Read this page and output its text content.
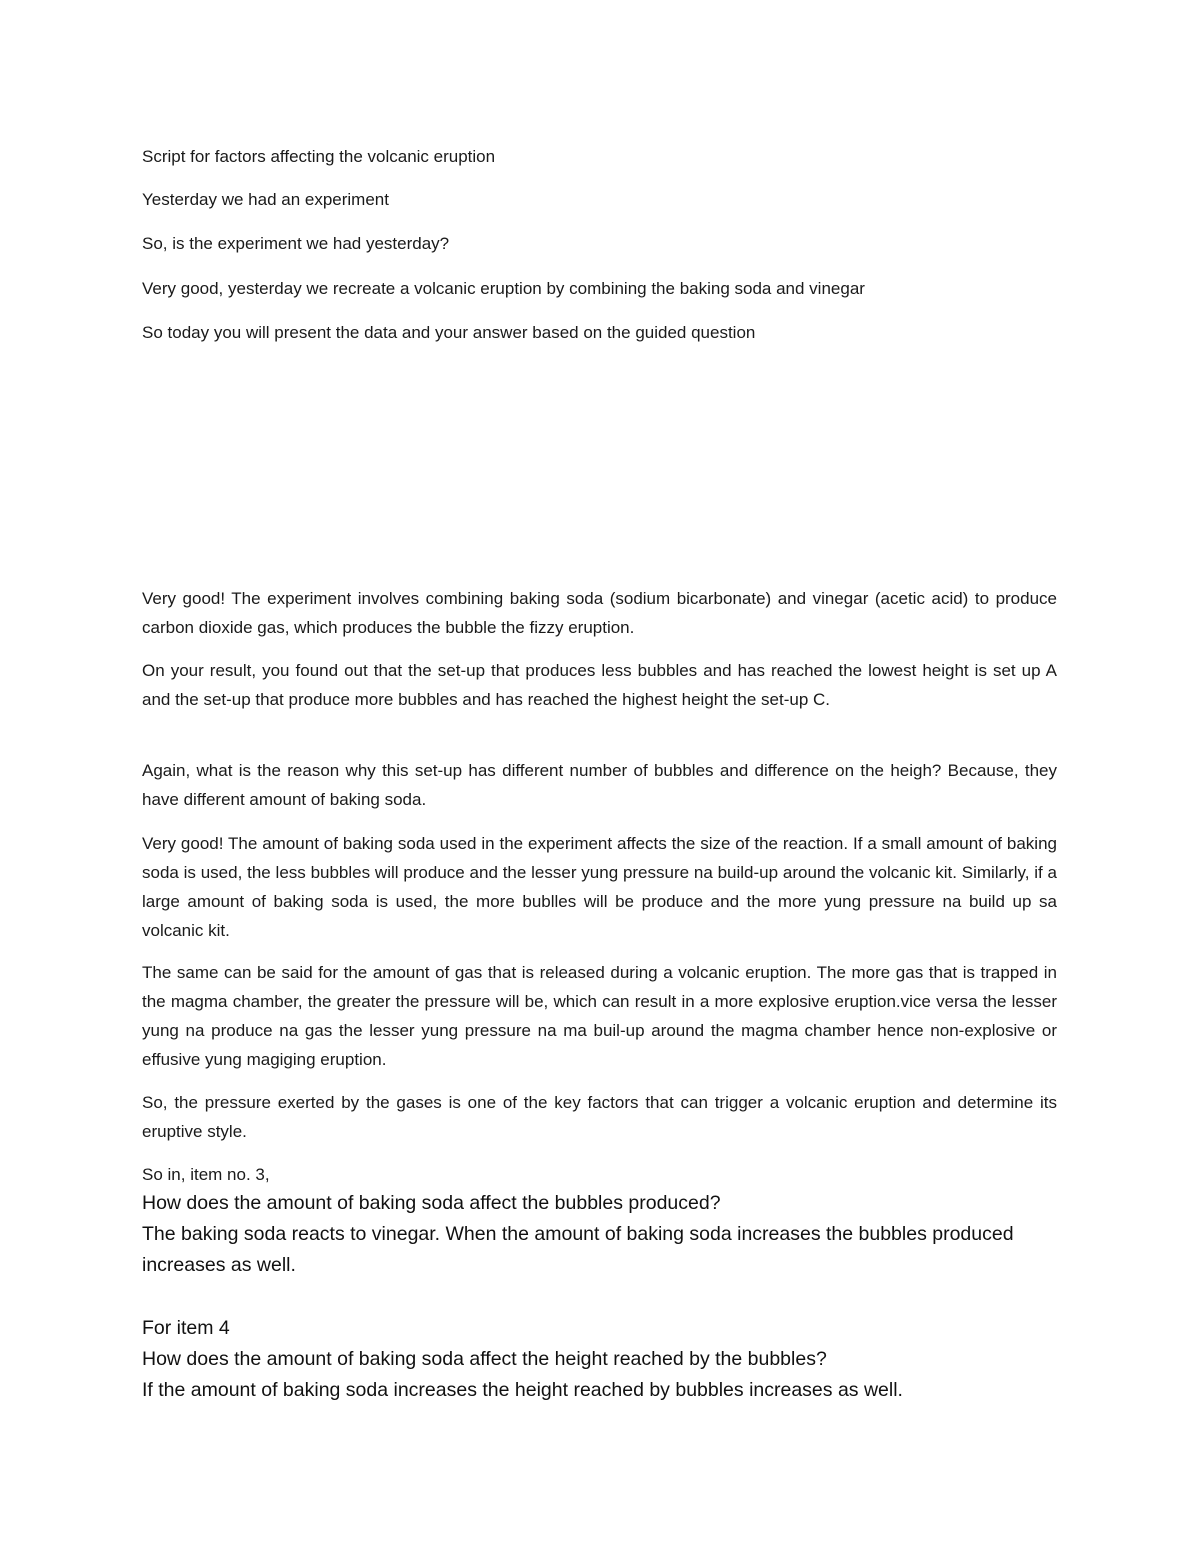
Script for factors affecting the volcanic eruption
Yesterday we had an experiment
So, is the experiment we had yesterday?
Very good, yesterday we recreate a volcanic eruption by combining the baking soda and vinegar
So today you will present the data and your answer based on the guided question
Very good! The experiment involves combining baking soda (sodium bicarbonate) and vinegar (acetic acid) to produce carbon dioxide gas, which produces the bubble the fizzy eruption.
On your result, you found out that the set-up that produces less bubbles and has reached the lowest height is set up A and the set-up that produce more bubbles and has reached the highest height the set-up C.
Again, what is the reason why this set-up has different number of bubbles and difference on the heigh? Because, they have different amount of baking soda.
Very good! The amount of baking soda used in the experiment affects the size of the reaction. If a small amount of baking soda is used, the less bubbles will produce and the lesser yung pressure na build-up around the volcanic kit. Similarly, if a large amount of baking soda is used, the more bublles will be produce and the more yung pressure na build up sa volcanic kit.
The same can be said for the amount of gas that is released during a volcanic eruption. The more gas that is trapped in the magma chamber, the greater the pressure will be, which can result in a more explosive eruption.vice versa the lesser yung na produce na gas the lesser yung pressure na ma buil-up around the magma chamber hence non-explosive or effusive yung magiging eruption.
So, the pressure exerted by the gases is one of the key factors that can trigger a volcanic eruption and determine its eruptive style.
So in, item no. 3,
How does the amount of baking soda affect the bubbles produced?
The baking soda reacts to vinegar. When the amount of baking soda increases the bubbles produced increases as well.
For item 4
How does the amount of baking soda affect the height reached by the bubbles?
If the amount of baking soda increases the height reached by bubbles increases as well.
